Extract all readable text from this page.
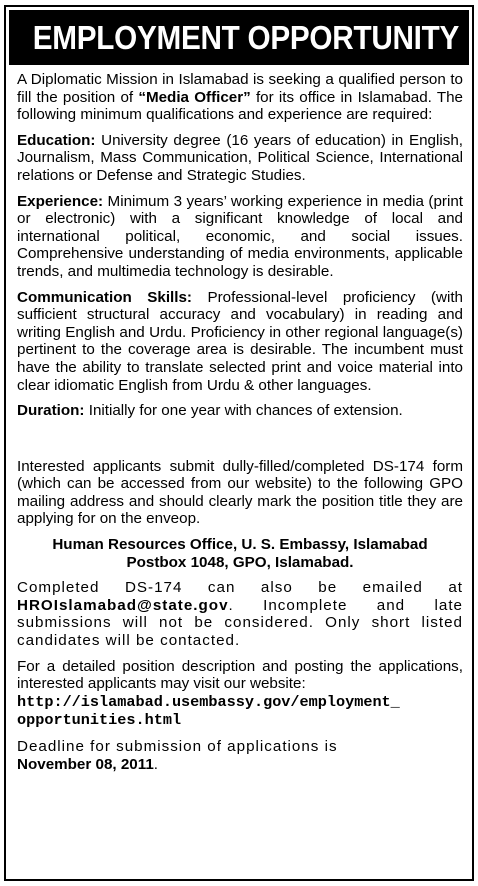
EMPLOYMENT OPPORTUNITY

A Diplomatic Mission in Islamabad is seeking a qualified person to fill the position of “Media Officer” for its office in Islamabad. The following minimum qualifications and experience are required:

Education: University degree (16 years of education) in English, Journalism, Mass Communication, Political Science, International relations or Defense and Strategic Studies.

Experience: Minimum 3 years’ working experience in media (print or electronic) with a significant knowledge of local and international political, economic, and social issues. Comprehensive understanding of media environments, applicable trends, and multimedia technology is desirable.

Communication Skills: Professional-level proficiency (with sufficient structural accuracy and vocabulary) in reading and writing English and Urdu. Proficiency in other regional language(s) pertinent to the coverage area is desirable. The incumbent must have the ability to translate selected print and voice material into clear idiomatic English from Urdu & other languages.

Duration: Initially for one year with chances of extension.

Interested applicants submit dully-filled/completed DS-174 form (which can be accessed from our website) to the following GPO mailing address and should clearly mark the position title they are applying for on the enveop.

Human Resources Office, U. S. Embassy, Islamabad

Postbox 1048, GPO, Islamabad.

Completed DS-174 can also be emailed at HROIslamabad@state.gov. Incomplete and late submissions will not be considered. Only short listed candidates will be contacted.

For a detailed position description and posting the applications, interested applicants may visit our website:

http://islamabad.usembassy.gov/employment_
opportunities.html

Deadline for submission of applications is

November 08, 2011.
